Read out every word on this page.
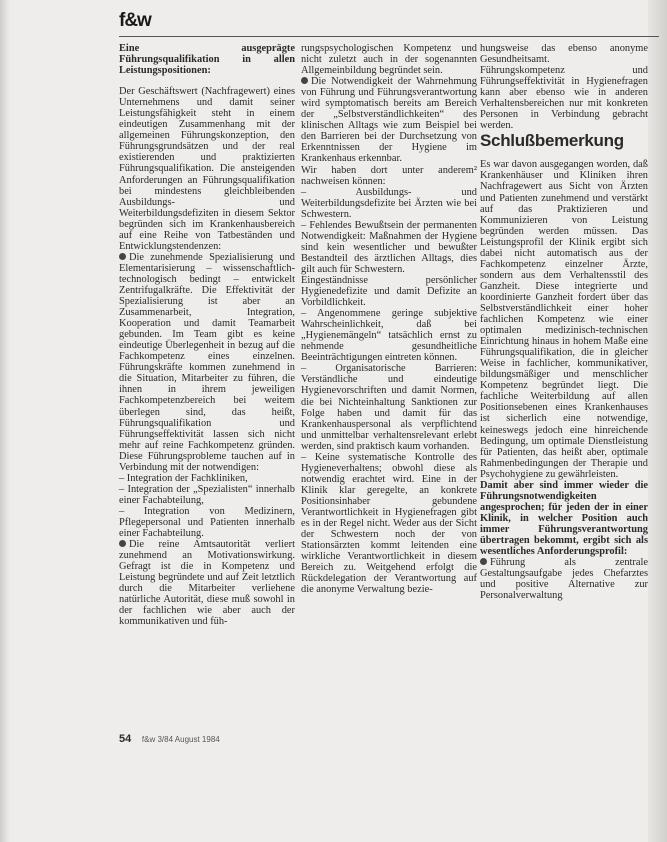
f&w

Eine ausgeprägte Führungsqualifikation in allen Leistungspositionen:

Der Geschäftswert (Nachfragewert) eines Unternehmens und damit seiner Leistungsfähigkeit steht in einem eindeutigen Zusammenhang mit der allgemeinen Führungskonzeption, den Führungsgrundsätzen und der real existierenden und praktizierten Führungsqualifikation. Die ansteigenden Anforderungen an Führungsqualifikation bei mindestens gleichbleibenden Ausbildungs- und Weiterbildungsdefiziten in diesem Sektor begründen sich im Krankenhausbereich auf eine Reihe von Tatbeständen und Entwicklungstendenzen:

Die zunehmende Spezialisierung und Elementarisierung – wissenschaftlich-technologisch bedingt – entwickelt Zentrifugalkräfte. Die Effektivität der Spezialisierung ist aber an Zusammenarbeit, Integration, Kooperation und damit Teamarbeit gebunden. Im Team gibt es keine eindeutige Überlegenheit in bezug auf die Fachkompetenz eines einzelnen. Führungskräfte kommen zunehmend in die Situation, Mitarbeiter zu führen, die ihnen in ihrem jeweiligen Fachkompetenzbereich bei weitem überlegen sind, das heißt, Führungsqualifikation und Führungseffektivität lassen sich nicht mehr auf reine Fachkompetenz gründen. Diese Führungsprobleme tauchen auf in Verbindung mit der notwendigen:

– Integration der Fachkliniken,

– Integration der „Spezialisten“ innerhalb einer Fachabteilung,

– Integration von Medizinern, Pflegepersonal und Patienten innerhalb einer Fachabteilung.

Die reine Amtsautorität verliert zunehmend an Motivationswirkung. Gefragt ist die in Kompetenz und Leistung begründete und auf Zeit letztlich durch die Mitarbeiter verliehene natürliche Autorität, diese muß sowohl in der fachlichen wie aber auch der kommunikativen und füh-

rungspsychologischen Kompetenz und nicht zuletzt auch in der sogenannten Allgemeinbildung begründet sein.

Die Notwendigkeit der Wahrnehmung von Führung und Führungsverantwortung wird symptomatisch bereits am Bereich der „Selbstverständlichkeiten“ des klinischen Alltags wie zum Beispiel bei den Barrieren bei der Durchsetzung von Erkenntnissen der Hygiene im Krankenhaus erkennbar.

Wir haben dort unter anderem² nachweisen können:

– Ausbildungs- und Weiterbildungsdefizite bei Ärzten wie bei Schwestern.

– Fehlendes Bewußtsein der permanenten Notwendigkeit: Maßnahmen der Hygiene sind kein wesentlicher und bewußter Bestandteil des ärztlichen Alltags, dies gilt auch für Schwestern.

Eingeständnisse persönlicher Hygienedefizite und damit Defizite an Vorbildlichkeit.

– Angenommene geringe subjektive Wahrscheinlichkeit, daß bei „Hygienemängeln“ tatsächlich ernst zu nehmende gesundheitliche Beeinträchtigungen eintreten können.

– Organisatorische Barrieren: Verständliche und eindeutige Hygienevorschriften und damit Normen, die bei Nichteinhaltung Sanktionen zur Folge haben und damit für das Krankenhauspersonal als verpflichtend und unmittelbar verhaltensrelevant erlebt werden, sind praktisch kaum vorhanden.

– Keine systematische Kontrolle des Hygieneverhaltens; obwohl diese als notwendig erachtet wird. Eine in der Klinik klar geregelte, an konkrete Positionsinhaber gebundene Verantwortlichkeit in Hygienefragen gibt es in der Regel nicht. Weder aus der Sicht der Schwestern noch der von Stationsärzten kommt leitenden eine wirkliche Verantwortlichkeit in diesem Bereich zu. Weitgehend erfolgt die Rückdelegation der Verantwortung auf die anonyme Verwaltung bezie-

hungsweise das ebenso anonyme Gesundheitsamt.

Führungskompetenz und Führungseffektivität in Hygienefragen kann aber ebenso wie in anderen Verhaltensbereichen nur mit konkreten Personen in Verbindung gebracht werden.

Schlußbemerkung

Es war davon ausgegangen worden, daß Krankenhäuser und Kliniken ihren Nachfragewert aus Sicht von Ärzten und Patienten zunehmend und verstärkt auf das Praktizieren und Kommunizieren von Leistung begründen werden müssen. Das Leistungsprofil der Klinik ergibt sich dabei nicht automatisch aus der Fachkompetenz einzelner Ärzte, sondern aus dem Verhaltensstil des Ganzheit. Diese integrierte und koordinierte Ganzheit fordert über das Selbstverständlichkeit einer hoher fachlichen Kompetenz wie einer optimalen medizinisch-technischen Einrichtung hinaus in hohem Maße eine Führungsqualifikation, die in gleicher Weise in fachlicher, kommunikativer, bildungsmäßiger und menschlicher Kompetenz begründet liegt. Die fachliche Weiterbildung auf allen Positionsebenen eines Krankenhauses ist sicherlich eine notwendige, keineswegs jedoch eine hinreichende Bedingung, um optimale Dienstleistung für Patienten, das heißt aber, optimale Rahmenbedingungen der Therapie und Psychohygiene zu gewährleisten.

Damit aber sind immer wieder die Führungsnotwendigkeiten angesprochen; für jeden der in einer Klinik, in welcher Position auch immer Führungsverantwortung übertragen bekommt, ergibt sich als wesentliches Anforderungsprofil:

Führung als zentrale Gestaltungsaufgabe jedes Chefarztes und positive Alternative zur Personalverwaltung

54 f&w 3/84 August 1984
